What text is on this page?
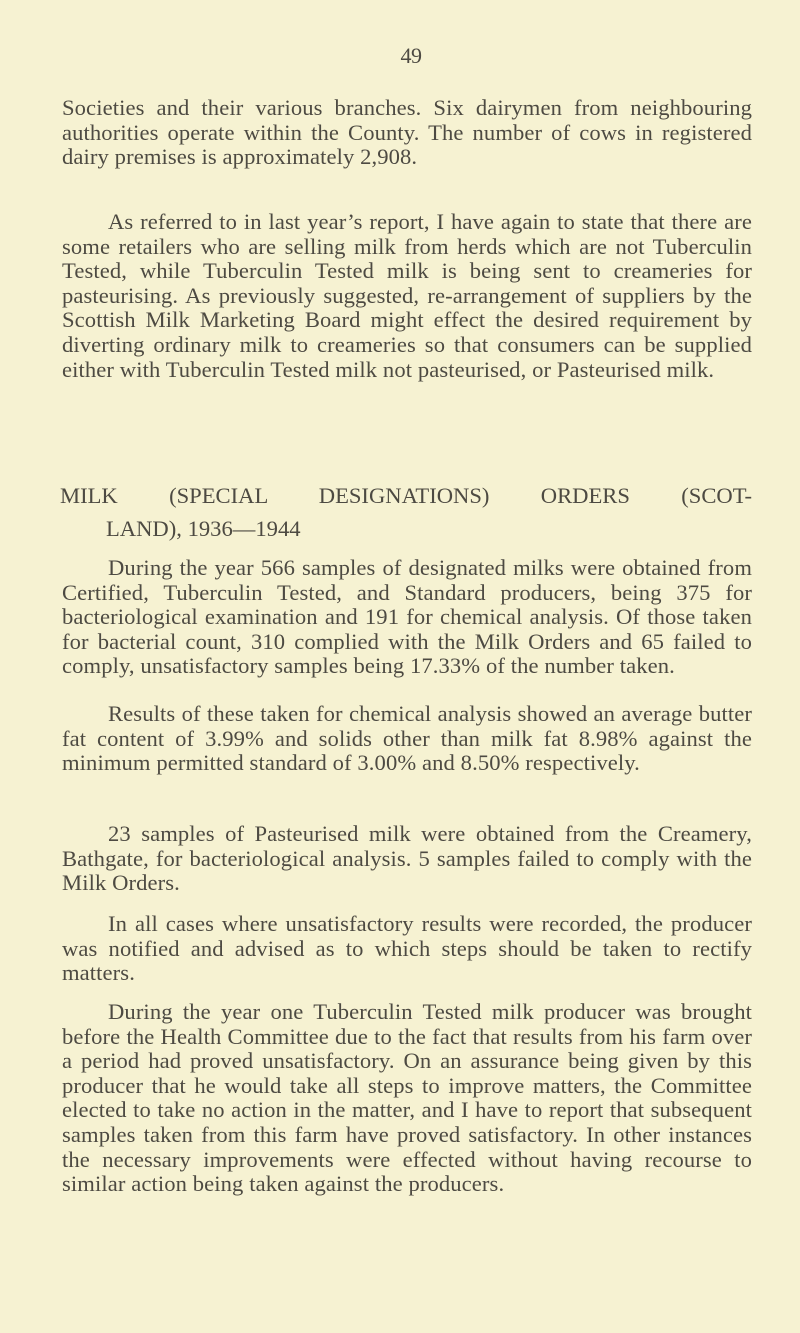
49

Societies and their various branches. Six dairymen from neighbouring authorities operate within the County. The number of cows in registered dairy premises is approximately 2,908.

As referred to in last year’s report, I have again to state that there are some retailers who are selling milk from herds which are not Tuberculin Tested, while Tuberculin Tested milk is being sent to creameries for pasteurising. As previously suggested, re-arrangement of suppliers by the Scottish Milk Marketing Board might effect the desired requirement by diverting ordinary milk to creameries so that consumers can be supplied either with Tuberculin Tested milk not pasteurised, or Pasteurised milk.

MILK (SPECIAL DESIGNATIONS) ORDERS (SCOT-
LAND), 1936—1944

During the year 566 samples of designated milks were obtained from Certified, Tuberculin Tested, and Standard producers, being 375 for bacteriological examination and 191 for chemical analysis. Of those taken for bacterial count, 310 complied with the Milk Orders and 65 failed to comply, unsatisfactory samples being 17.33% of the number taken.

Results of these taken for chemical analysis showed an average butter fat content of 3.99% and solids other than milk fat 8.98% against the minimum permitted standard of 3.00% and 8.50% respectively.

23 samples of Pasteurised milk were obtained from the Creamery, Bathgate, for bacteriological analysis. 5 samples failed to comply with the Milk Orders.

In all cases where unsatisfactory results were recorded, the producer was notified and advised as to which steps should be taken to rectify matters.

During the year one Tuberculin Tested milk producer was brought before the Health Committee due to the fact that results from his farm over a period had proved unsatisfactory. On an assurance being given by this producer that he would take all steps to improve matters, the Committee elected to take no action in the matter, and I have to report that subsequent samples taken from this farm have proved satisfactory. In other instances the necessary improvements were effected without having recourse to similar action being taken against the producers.
